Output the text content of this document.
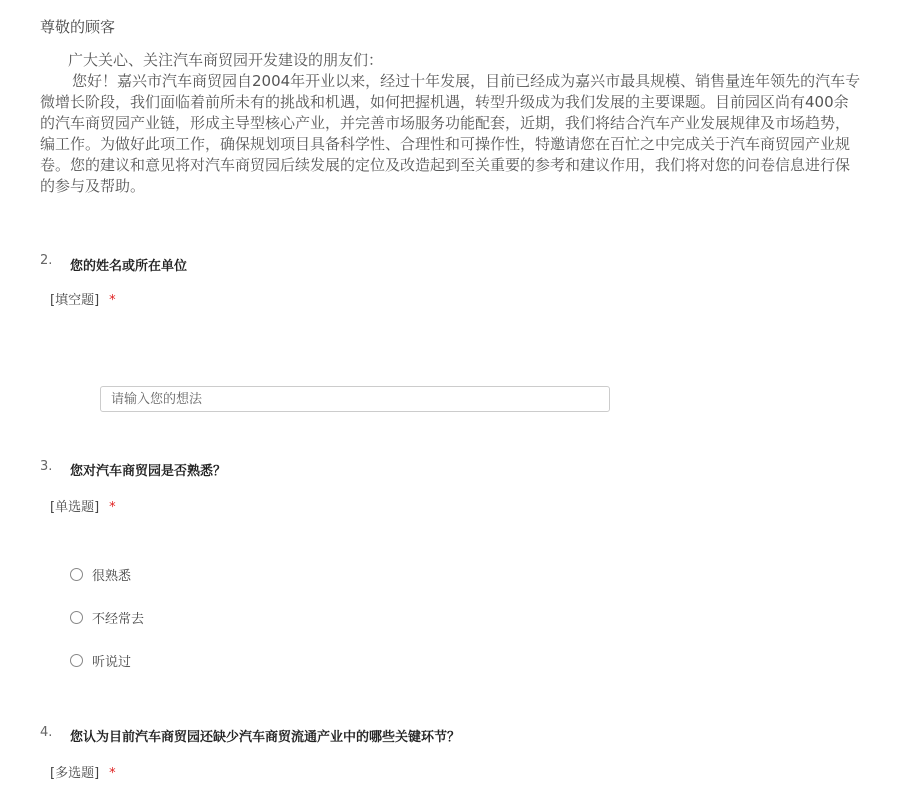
尊敬的顾客
广大关心、关注汽车商贸园开发建设的朋友们：
您好！嘉兴市汽车商贸园自2004年开业以来，经过十年发展，目前已经成为嘉兴市最具规模、销售量连年领先的汽车专
微增长阶段，我们面临着前所未有的挑战和机遇，如何把握机遇，转型升级成为我们发展的主要课题。目前园区尚有400余
的汽车商贸园产业链，形成主导型核心产业，并完善市场服务功能配套，近期，我们将结合汽车产业发展规律及市场趋势，
编工作。为做好此项工作，确保规划项目具备科学性、合理性和可操作性，特邀请您在百忙之中完成关于汽车商贸园产业规
卷。您的建议和意见将对汽车商贸园后续发展的定位及改造起到至关重要的参考和建议作用，我们将对您的问卷信息进行保
的参与及帮助。
2. 您的姓名或所在单位
[填空题] *
请输入您的想法
3. 您对汽车商贸园是否熟悉？
[单选题] *
很熟悉
不经常去
听说过
4. 您认为目前汽车商贸园还缺少汽车商贸流通产业中的哪些关键环节？
[多选题] *
